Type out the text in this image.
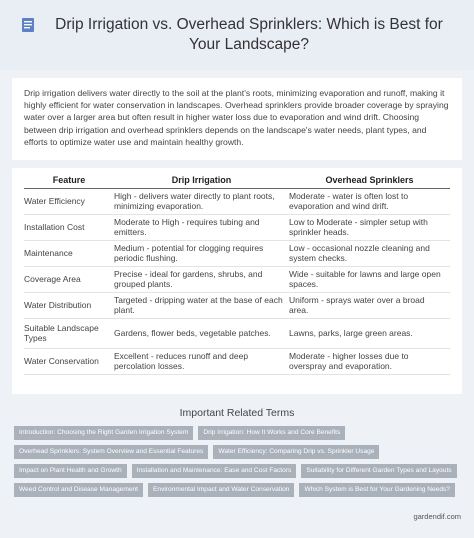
Drip Irrigation vs. Overhead Sprinklers: Which is Best for Your Landscape?

Drip irrigation delivers water directly to the soil at the plant's roots, minimizing evaporation and runoff, making it highly efficient for water conservation in landscapes. Overhead sprinklers provide broader coverage by spraying water over a larger area but often result in higher water loss due to evaporation and wind drift. Choosing between drip irrigation and overhead sprinklers depends on the landscape's water needs, plant types, and efforts to optimize water use and maintain healthy growth.

Feature	Drip Irrigation	Overhead Sprinklers
Water Efficiency	High - delivers water directly to plant roots, minimizing evaporation.	Moderate - water is often lost to evaporation and wind drift.
Installation Cost	Moderate to High - requires tubing and emitters.	Low to Moderate - simpler setup with sprinkler heads.
Maintenance	Medium - potential for clogging requires periodic flushing.	Low - occasional nozzle cleaning and system checks.
Coverage Area	Precise - ideal for gardens, shrubs, and grouped plants.	Wide - suitable for lawns and large open spaces.
Water Distribution	Targeted - dripping water at the base of each plant.	Uniform - sprays water over a broad area.
Suitable Landscape Types	Gardens, flower beds, vegetable patches.	Lawns, parks, large green areas.
Water Conservation	Excellent - reduces runoff and deep percolation losses.	Moderate - higher losses due to overspray and evaporation.
Important Related Terms
Introduction: Choosing the Right Garden Irrigation System	Drip Irrigation: How It Works and Core Benefits
Overhead Sprinklers: System Overview and Essential Features	Water Efficiency: Comparing Drip vs. Sprinkler Usage
Impact on Plant Health and Growth	Installation and Maintenance: Ease and Cost Factors	Suitability for Different Garden Types and Layouts
Weed Control and Disease Management	Environmental Impact and Water Conservation	Which System is Best for Your Gardening Needs?
gardendif.com
